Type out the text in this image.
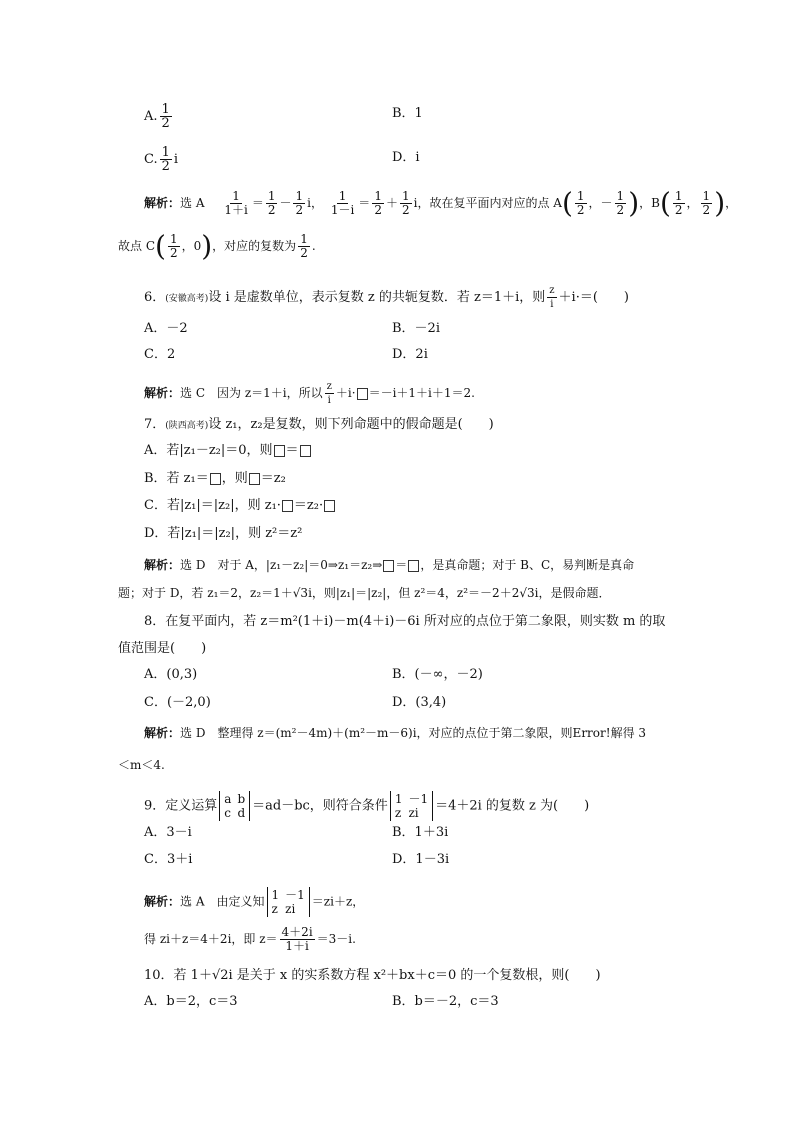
A. $\frac{1}{2}$	B．1
C. $\frac{1}{2}$ i	D．i
解析：选 A　 $\frac{1}{1+i} = \frac{1}{2} - \frac{1}{2}$ i， $\frac{1}{1-i} = \frac{1}{2} + \frac{1}{2}$ i，故在复平面内对应的点 $A( \frac{1}{2}$ ，－ $\frac{1}{2}$ )，$B( \frac{1}{2}$ ， $\frac{1}{2}$ )，
故点 $C( \frac{1}{2}$ ，0)，对应的复数为 $\frac{1}{2}$ .
6．(安徽高考)设 i 是虚数单位，表示复数 z 的共轭复数．若 z＝1＋i，则 $\frac{z}{i} +i\cdot=$(　　)
A．－2	B．－2i
C．2	D．2i
解析：选 C　因为 z＝1＋i，所以 $\frac{z}{i} +i\cdot =-i+1+i+1=2$.
7．(陕西高考)设 z₁，z₂是复数，则下列命题中的假命题是(　　)
A．若|z₁－z₂|＝0，则 ＝
B．若 z₁＝ ，则 ＝z₂
C．若|z₁|＝|z₂|，则 z₁· ＝z₂·
D．若|z₁|＝|z₂|，则 z²＝z²
解析：选 D　对于 A，|z₁－z₂|＝0⇒z₁＝z₂⇒ ＝ ，是真命题；对于 B、C，易判断是真命
题；对于 D，若 z₁＝2，z₂＝1＋√3i，则|z₁|＝|z₂|，但 z²＝4，z²＝－2＋2√3i，是假命题．
8．在复平面内，若 z＝m²(1＋i)－m(4＋i)－6i 所对应的点位于第二象限，则实数 m 的取
值范围是(　　)
A．(0,3)	B．(－∞，－2)
C．(－2,0)	D．(3,4)
解析：选 D　整理得 z＝(m²－4m)＋(m²－m－6)i，对应的点位于第二象限，则Error!解得 3
＜m＜4.
9．定义运算 a b
c d ＝ad－bc，则符合条件 1 －1
z zi	＝4＋2i 的复数 z 为(　　)
A．3－i	B．1＋3i
C．3＋i	D．1－3i
解析：选 A　由定义知 1 －1
z zi
＝zi＋z，
得 zi＋z＝4＋2i，即 $z= \frac{4+2i}{1+i} =3-i$.
10．若 1＋√2i 是关于 x 的实系数方程 x²＋bx＋c＝0 的一个复数根，则(　　)
A．b＝2，c＝3	B．b＝－2，c＝3
